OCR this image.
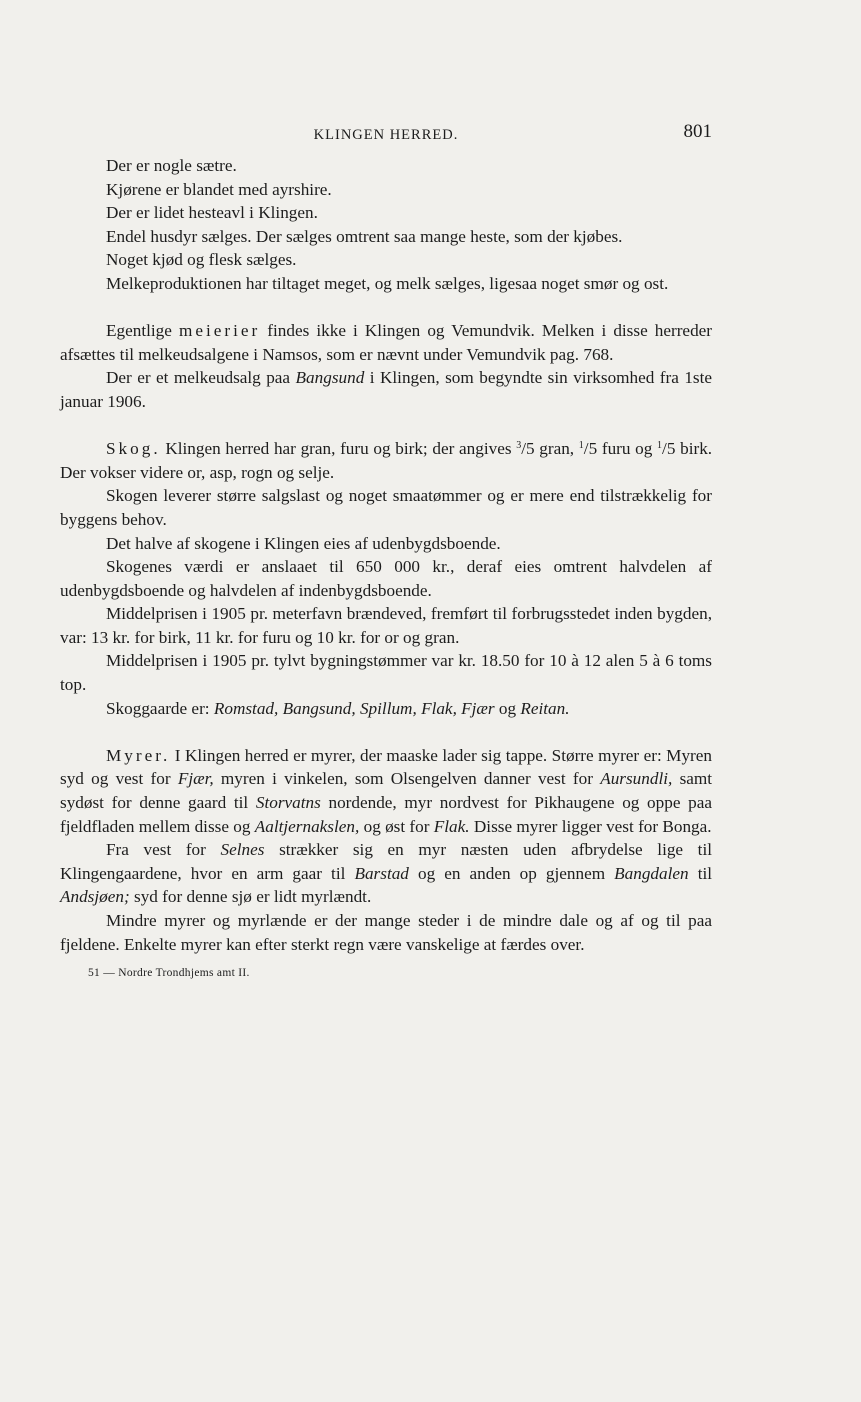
KLINGEN HERRED.	801

Der er nogle sætre.

Kjørene er blandet med ayrshire.

Der er lidet hesteavl i Klingen.

Endel husdyr sælges. Der sælges omtrent saa mange heste, som der kjøbes.

Noget kjød og flesk sælges.

Melkeproduktionen har tiltaget meget, og melk sælges, ligesaa noget smør og ost.

Egentlige meierier findes ikke i Klingen og Vemundvik. Melken i disse herreder afsættes til melkeudsalgene i Namsos, som er nævnt under Vemundvik pag. 768.

Der er et melkeudsalg paa Bangsund i Klingen, som begyndte sin virksomhed fra 1ste januar 1906.

Skog. Klingen herred har gran, furu og birk; der angives $^3$/5 gran, $^1$/5 furu og $^1$/5 birk. Der vokser videre or, asp, rogn og selje.

Skogen leverer større salgslast og noget smaatømmer og er mere end tilstrækkelig for byggens behov.

Det halve af skogene i Klingen eies af udenbygdsboende.

Skogenes værdi er anslaaet til 650 000 kr., deraf eies omtrent halvdelen af udenbygdsboende og halvdelen af indenbygdsboende.

Middelprisen i 1905 pr. meterfavn brændeved, fremført til forbrugsstedet inden bygden, var: 13 kr. for birk, 11 kr. for furu og 10 kr. for or og gran.

Middelprisen i 1905 pr. tylvt bygningstømmer var kr. 18.50 for 10 à 12 alen 5 à 6 toms top.

Skoggaarde er: Romstad, Bangsund, Spillum, Flak, Fjær og Reitan.

Myrer. I Klingen herred er myrer, der maaske lader sig tappe. Større myrer er: Myren syd og vest for Fjær, myren i vinkelen, som Olsengelven danner vest for Aursundli, samt sydøst for denne gaard til Storvatns nordende, myr nordvest for Pikhaugene og oppe paa fjeldfladen mellem disse og Aaltjernakslen, og øst for Flak. Disse myrer ligger vest for Bonga.

Fra vest for Selnes strækker sig en myr næsten uden afbrydelse lige til Klingengaardene, hvor en arm gaar til Barstad og en anden op gjennem Bangdalen til Andsjøen; syd for denne sjø er lidt myrlændt.

Mindre myrer og myrlænde er der mange steder i de mindre dale og af og til paa fjeldene. Enkelte myrer kan efter sterkt regn være vanskelige at færdes over.

51 — Nordre Trondhjems amt II.
